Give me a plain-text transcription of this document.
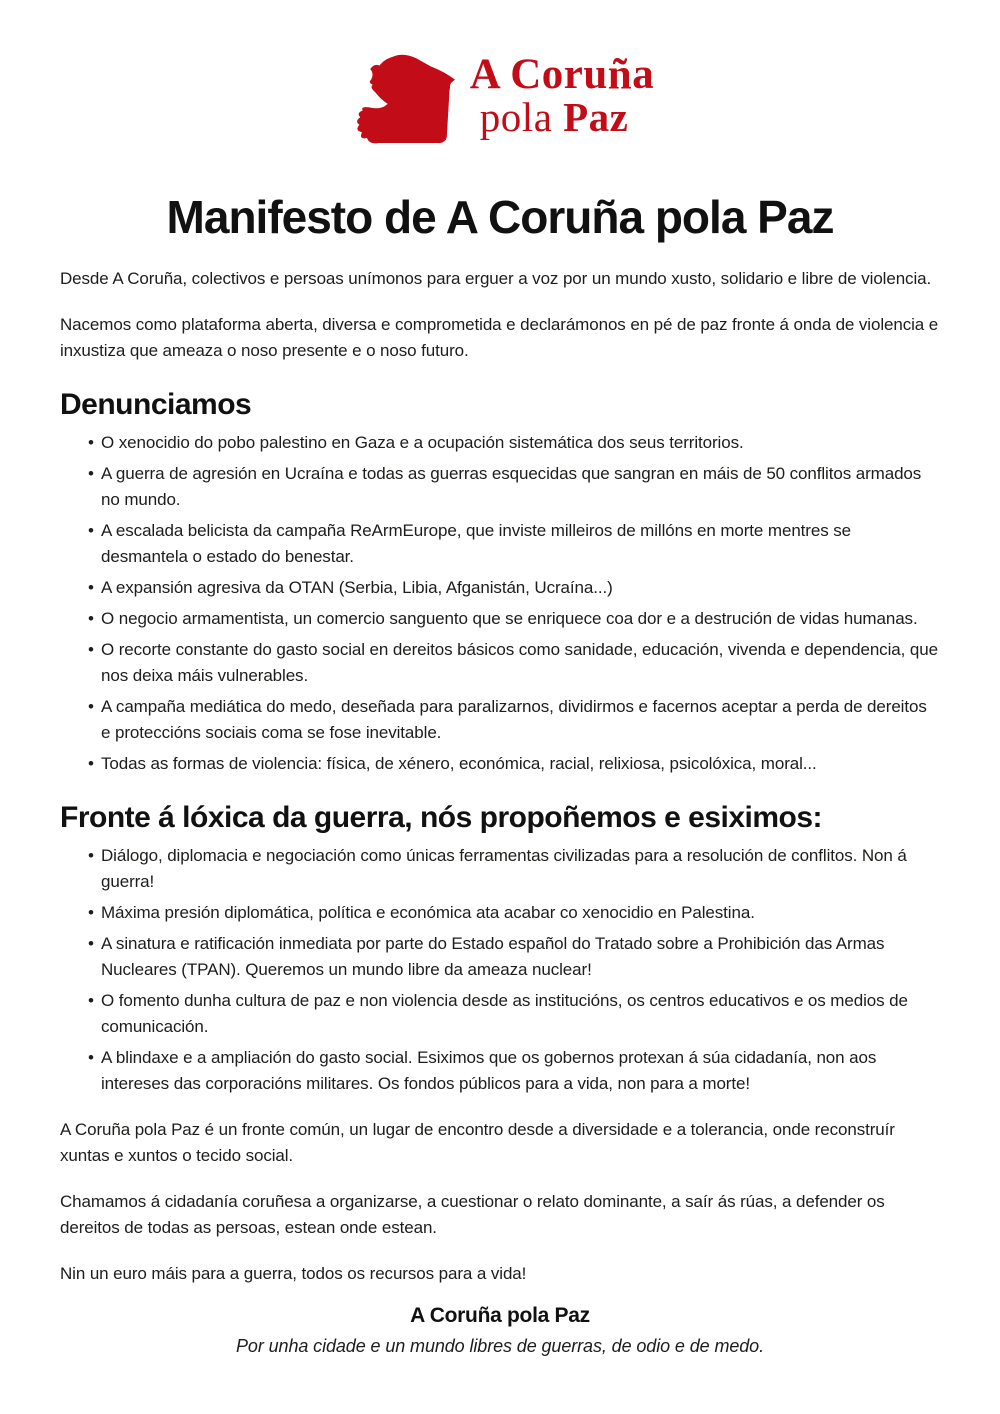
A Coruña
pola Paz
Manifesto de A Coruña pola Paz

Desde A Coruña, colectivos e persoas unímonos para erguer a voz por un mundo xusto, solidario e libre de violencia.

Nacemos como plataforma aberta, diversa e comprometida e declarámonos en pé de paz fronte á onda de violencia e inxustiza que ameaza o noso presente e o noso futuro.

Denunciamos
• O xenocidio do pobo palestino en Gaza e a ocupación sistemática dos seus territorios.
• A guerra de agresión en Ucraína e todas as guerras esquecidas que sangran en máis de 50 conflitos armados no mundo.
• A escalada belicista da campaña ReArmEurope, que inviste milleiros de millóns en morte mentres se desmantela o estado do benestar.
• A expansión agresiva da OTAN (Serbia, Libia, Afganistán, Ucraína...)
• O negocio armamentista, un comercio sanguento que se enriquece coa dor e a destrución de vidas humanas.
• O recorte constante do gasto social en dereitos básicos como sanidade, educación, vivenda e dependencia, que nos deixa máis vulnerables.
• A campaña mediática do medo, deseñada para paralizarnos, dividirmos e facernos aceptar a perda de dereitos e proteccións sociais coma se fose inevitable.
• Todas as formas de violencia: física, de xénero, económica, racial, relixiosa, psicolóxica, moral...
Fronte á lóxica da guerra, nós propoñemos e esiximos:
• Diálogo, diplomacia e negociación como únicas ferramentas civilizadas para a resolución de conflitos. Non á guerra!
• Máxima presión diplomática, política e económica ata acabar co xenocidio en Palestina.
• A sinatura e ratificación inmediata por parte do Estado español do Tratado sobre a Prohibición das Armas Nucleares (TPAN). Queremos un mundo libre da ameaza nuclear!
• O fomento dunha cultura de paz e non violencia desde as institucións, os centros educativos e os medios de comunicación.
• A blindaxe e a ampliación do gasto social. Esiximos que os gobernos protexan á súa cidadanía, non aos intereses das corporacións militares. Os fondos públicos para a vida, non para a morte!

A Coruña pola Paz é un fronte común, un lugar de encontro desde a diversidade e a tolerancia, onde reconstruír xuntas e xuntos o tecido social.

Chamamos á cidadanía coruñesa a organizarse, a cuestionar o relato dominante, a saír ás rúas, a defender os dereitos de todas as persoas, estean onde estean.

Nin un euro máis para a guerra, todos os recursos para a vida!

A Coruña pola Paz

Por unha cidade e un mundo libres de guerras, de odio e de medo.
